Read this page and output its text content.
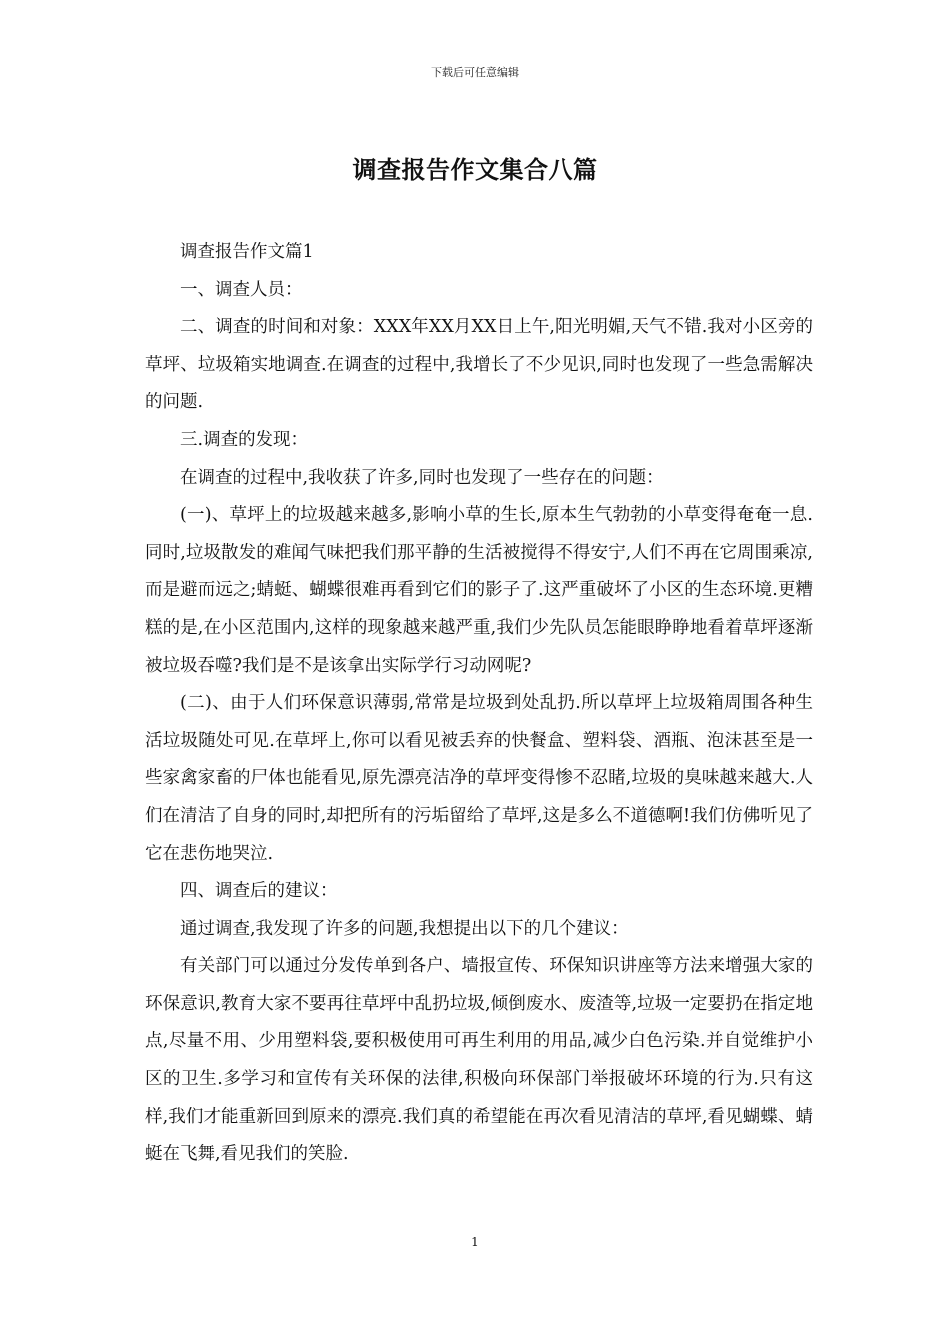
下载后可任意编辑
调查报告作文集合八篇

调查报告作文篇1

一、调查人员：

二、调查的时间和对象：XXX年XX月XX日上午,阳光明媚,天气不错.我对小区旁的草坪、垃圾箱实地调查.在调查的过程中,我增长了不少见识,同时也发现了一些急需解决的问题.

三.调查的发现：

在调查的过程中,我收获了许多,同时也发现了一些存在的问题：

(一)、草坪上的垃圾越来越多,影响小草的生长,原本生气勃勃的小草变得奄奄一息.同时,垃圾散发的难闻气味把我们那平静的生活被搅得不得安宁,人们不再在它周围乘凉,而是避而远之;蜻蜓、蝴蝶很难再看到它们的影子了.这严重破坏了小区的生态环境.更糟糕的是,在小区范围内,这样的现象越来越严重,我们少先队员怎能眼睁睁地看着草坪逐渐被垃圾吞噬?我们是不是该拿出实际学行习动网呢?

(二)、由于人们环保意识薄弱,常常是垃圾到处乱扔.所以草坪上垃圾箱周围各种生活垃圾随处可见.在草坪上,你可以看见被丢弃的快餐盒、塑料袋、酒瓶、泡沫甚至是一些家禽家畜的尸体也能看见,原先漂亮洁净的草坪变得惨不忍睹,垃圾的臭味越来越大.人们在清洁了自身的同时,却把所有的污垢留给了草坪,这是多么不道德啊!我们仿佛听见了它在悲伤地哭泣.

四、调查后的建议：

通过调查,我发现了许多的问题,我想提出以下的几个建议：

有关部门可以通过分发传单到各户、墙报宣传、环保知识讲座等方法来增强大家的环保意识,教育大家不要再往草坪中乱扔垃圾,倾倒废水、废渣等,垃圾一定要扔在指定地点,尽量不用、少用塑料袋,要积极使用可再生利用的用品,减少白色污染.并自觉维护小区的卫生.多学习和宣传有关环保的法律,积极向环保部门举报破坏环境的行为.只有这样,我们才能重新回到原来的漂亮.我们真的希望能在再次看见清洁的草坪,看见蝴蝶、蜻蜓在飞舞,看见我们的笑脸.

1
